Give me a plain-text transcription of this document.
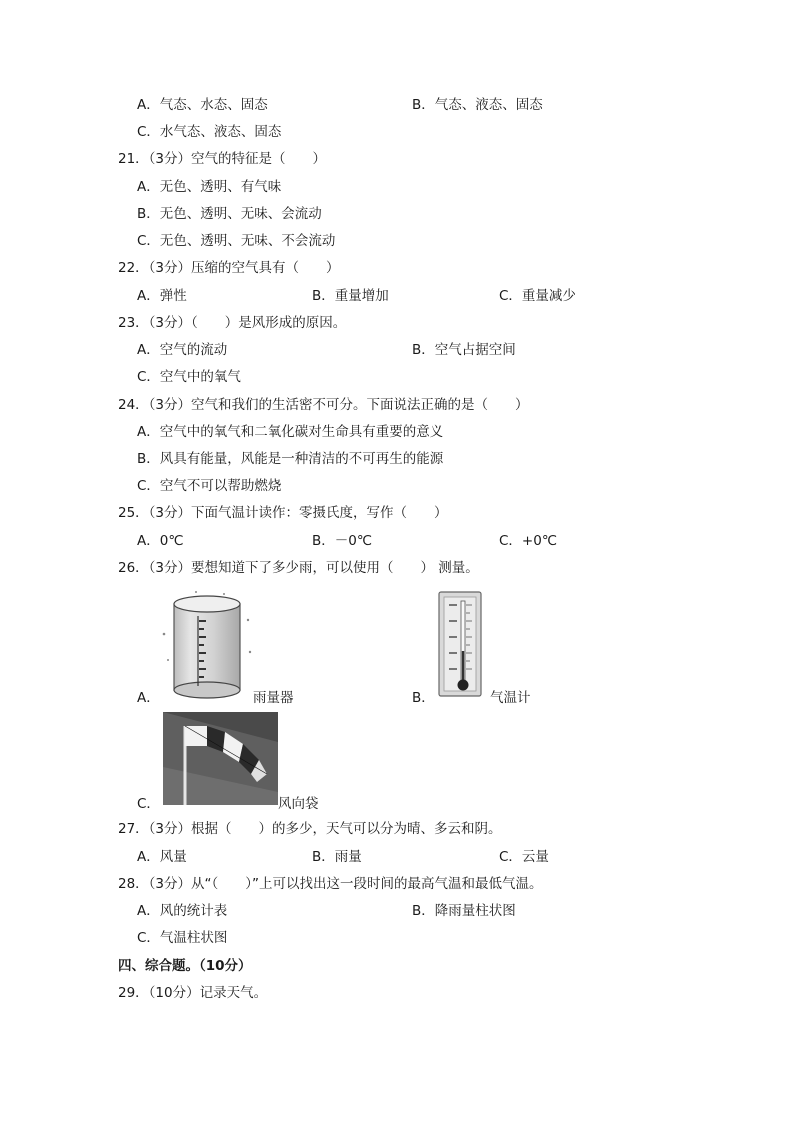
A．气态、水态、固态	B．气态、液态、固态
C．水气态、液态、固态
21．（3分）空气的特征是（　　）
A．无色、透明、有气味
B．无色、透明、无味、会流动
C．无色、透明、无味、不会流动
22．（3分）压缩的空气具有（　　）
A．弹性	B．重量增加	C．重量减少
23．（3分）（　　）是风形成的原因。
A．空气的流动	B．空气占据空间
C．空气中的氧气
24．（3分）空气和我们的生活密不可分。下面说法正确的是（　　）
A．空气中的氧气和二氧化碳对生命具有重要的意义
B．风具有能量，风能是一种清洁的不可再生的能源
C．空气不可以帮助燃烧
25．（3分）下面气温计读作：零摄氏度，写作（　　）
A．0℃	B．－0℃	C．+0℃
26．（3分）要想知道下了多少雨，可以使用（　　） 测量。
A．	雨量器	B．	气温计
C．	风向袋
27．（3分）根据（　　）的多少，天气可以分为晴、多云和阴。
A．风量	B．雨量	C．云量
28．（3分）从“（　　）”上可以找出这一段时间的最高气温和最低气温。
A．风的统计表	B．降雨量柱状图
C．气温柱状图
四、综合题。（10分）
29．（10分）记录天气。
